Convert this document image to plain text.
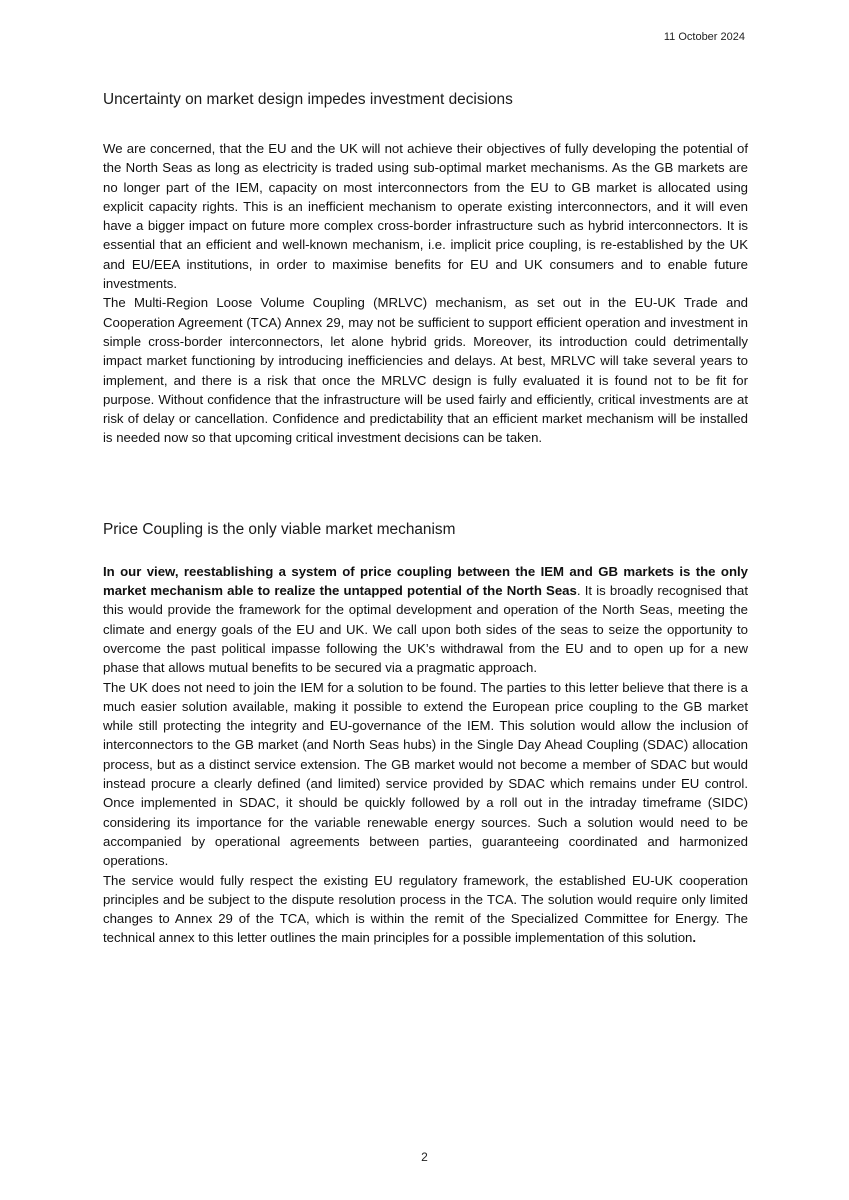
11 October 2024
Uncertainty on market design impedes investment decisions

We are concerned, that the EU and the UK will not achieve their objectives of fully developing the potential of the North Seas as long as electricity is traded using sub-optimal market mechanisms. As the GB markets are no longer part of the IEM, capacity on most interconnectors from the EU to GB market is allocated using explicit capacity rights. This is an inefficient mechanism to operate existing interconnectors, and it will even have a bigger impact on future more complex cross-border infrastructure such as hybrid interconnectors. It is essential that an efficient and well-known mechanism, i.e. implicit price coupling, is re-established by the UK and EU/EEA institutions, in order to maximise benefits for EU and UK consumers and to enable future investments.

The Multi-Region Loose Volume Coupling (MRLVC) mechanism, as set out in the EU-UK Trade and Cooperation Agreement (TCA) Annex 29, may not be sufficient to support efficient operation and investment in simple cross-border interconnectors, let alone hybrid grids. Moreover, its introduction could detrimentally impact market functioning by introducing inefficiencies and delays. At best, MRLVC will take several years to implement, and there is a risk that once the MRLVC design is fully evaluated it is found not to be fit for purpose. Without confidence that the infrastructure will be used fairly and efficiently, critical investments are at risk of delay or cancellation. Confidence and predictability that an efficient market mechanism will be installed is needed now so that upcoming critical investment decisions can be taken.

Price Coupling is the only viable market mechanism

In our view, reestablishing a system of price coupling between the IEM and GB markets is the only market mechanism able to realize the untapped potential of the North Seas. It is broadly recognised that this would provide the framework for the optimal development and operation of the North Seas, meeting the climate and energy goals of the EU and UK. We call upon both sides of the seas to seize the opportunity to overcome the past political impasse following the UK’s withdrawal from the EU and to open up for a new phase that allows mutual benefits to be secured via a pragmatic approach.

The UK does not need to join the IEM for a solution to be found. The parties to this letter believe that there is a much easier solution available, making it possible to extend the European price coupling to the GB market while still protecting the integrity and EU-governance of the IEM. This solution would allow the inclusion of interconnectors to the GB market (and North Seas hubs) in the Single Day Ahead Coupling (SDAC) allocation process, but as a distinct service extension. The GB market would not become a member of SDAC but would instead procure a clearly defined (and limited) service provided by SDAC which remains under EU control. Once implemented in SDAC, it should be quickly followed by a roll out in the intraday timeframe (SIDC) considering its importance for the variable renewable energy sources. Such a solution would need to be accompanied by operational agreements between parties, guaranteeing coordinated and harmonized operations.

The service would fully respect the existing EU regulatory framework, the established EU-UK cooperation principles and be subject to the dispute resolution process in the TCA. The solution would require only limited changes to Annex 29 of the TCA, which is within the remit of the Specialized Committee for Energy. The technical annex to this letter outlines the main principles for a possible implementation of this solution.

2
